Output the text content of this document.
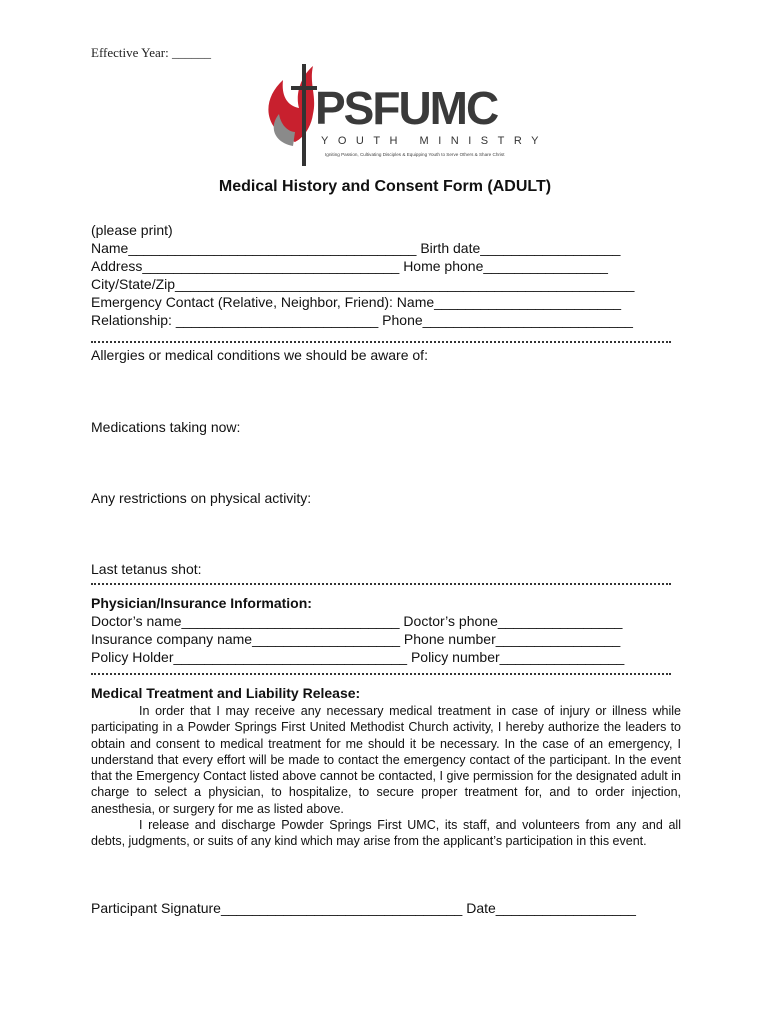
Effective Year: ______
PSFUMC
YOUTH MINISTRY
Igniting Passion, Cultivating Disciples & Equipping Youth to Serve Others & Share Christ
Medical History and Consent Form (ADULT)
(please print)
Name_____________________________________ Birth date__________________
Address_________________________________ Home phone________________
City/State/Zip___________________________________________________________
Emergency Contact (Relative, Neighbor, Friend): Name________________________
Relationship: __________________________ Phone___________________________
Allergies or medical conditions we should be aware of:
Medications taking now:
Any restrictions on physical activity:
Last tetanus shot:
Physician/Insurance Information:
Doctor’s name____________________________ Doctor’s phone________________
Insurance company name___________________ Phone number________________
Policy Holder______________________________ Policy number________________
Medical Treatment and Liability Release:

In order that I may receive any necessary medical treatment in case of injury or illness while participating in a Powder Springs First United Methodist Church activity, I hereby authorize the leaders to obtain and consent to medical treatment for me should it be necessary. In the case of an emergency, I understand that every effort will be made to contact the emergency contact of the participant. In the event that the Emergency Contact listed above cannot be contacted, I give permission for the designated adult in charge to select a physician, to hospitalize, to secure proper treatment for, and to order injection, anesthesia, or surgery for me as listed above.

I release and discharge Powder Springs First UMC, its staff, and volunteers from any and all debts, judgments, or suits of any kind which may arise from the applicant’s participation in this event.

Participant Signature_______________________________ Date__________________
